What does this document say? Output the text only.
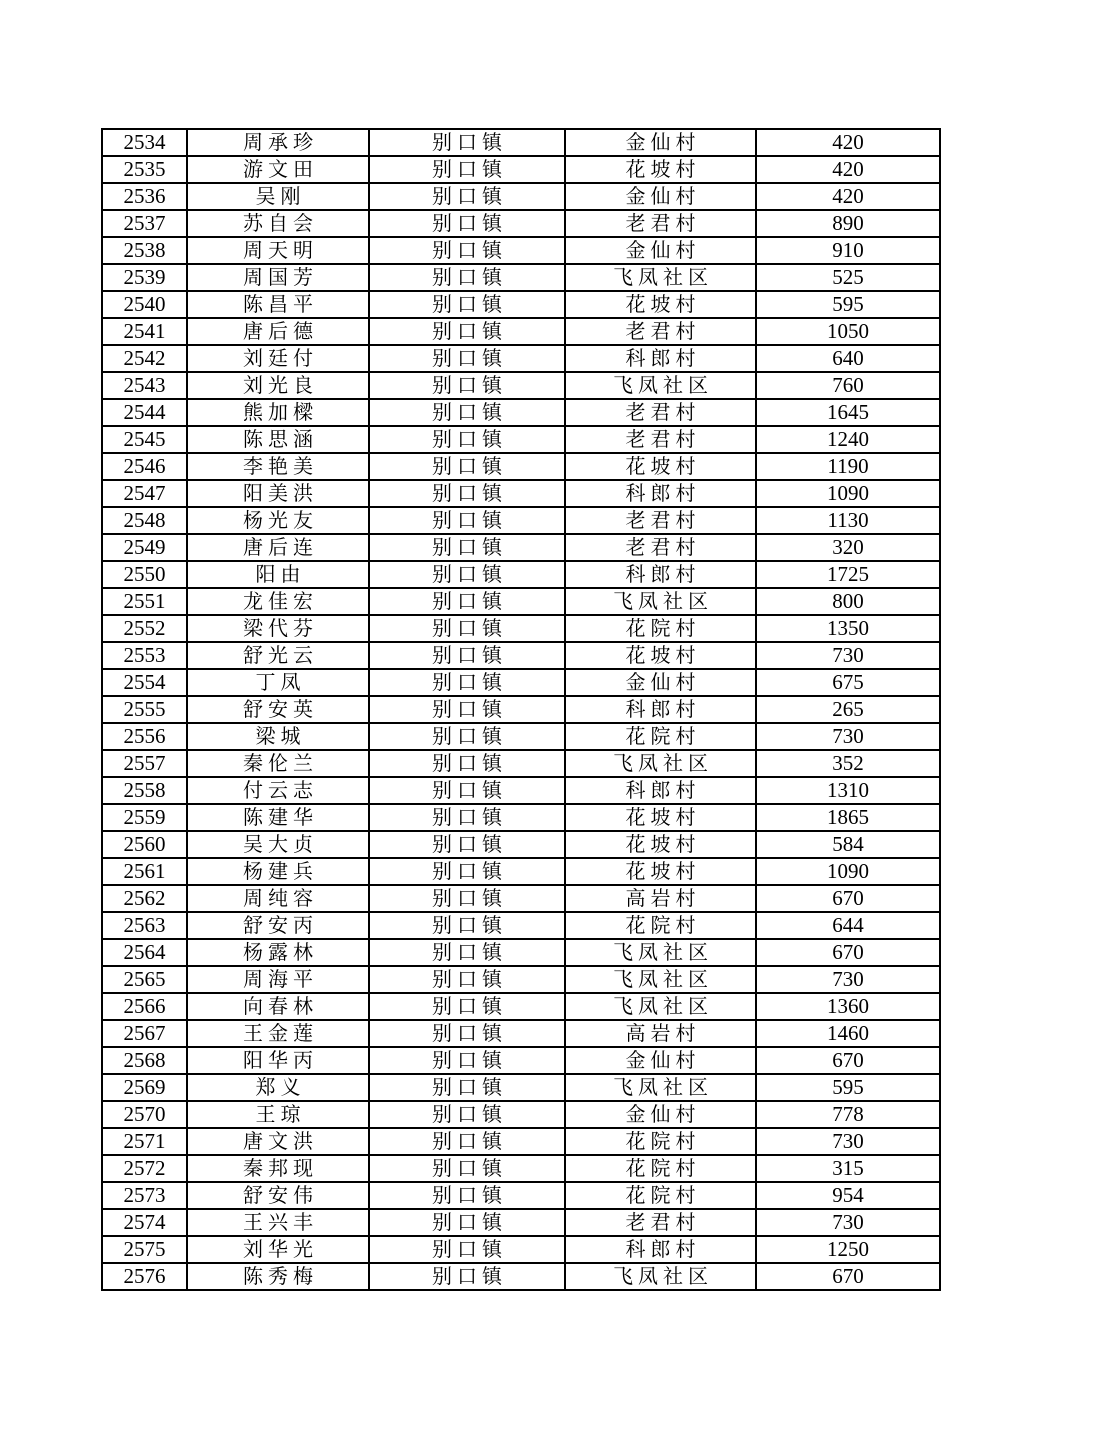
2534	周承珍	别口镇	金仙村	420
2535	游文田	别口镇	花坡村	420
2536	吴刚	别口镇	金仙村	420
2537	苏自会	别口镇	老君村	890
2538	周天明	别口镇	金仙村	910
2539	周国芳	别口镇	飞凤社区	525
2540	陈昌平	别口镇	花坡村	595
2541	唐后德	别口镇	老君村	1050
2542	刘廷付	别口镇	科郎村	640
2543	刘光良	别口镇	飞凤社区	760
2544	熊加樑	别口镇	老君村	1645
2545	陈思涵	别口镇	老君村	1240
2546	李艳美	别口镇	花坡村	1190
2547	阳美洪	别口镇	科郎村	1090
2548	杨光友	别口镇	老君村	1130
2549	唐后连	别口镇	老君村	320
2550	阳由	别口镇	科郎村	1725
2551	龙佳宏	别口镇	飞凤社区	800
2552	梁代芬	别口镇	花院村	1350
2553	舒光云	别口镇	花坡村	730
2554	丁凤	别口镇	金仙村	675
2555	舒安英	别口镇	科郎村	265
2556	梁城	别口镇	花院村	730
2557	秦伦兰	别口镇	飞凤社区	352
2558	付云志	别口镇	科郎村	1310
2559	陈建华	别口镇	花坡村	1865
2560	吴大贞	别口镇	花坡村	584
2561	杨建兵	别口镇	花坡村	1090
2562	周纯容	别口镇	高岩村	670
2563	舒安丙	别口镇	花院村	644
2564	杨露林	别口镇	飞凤社区	670
2565	周海平	别口镇	飞凤社区	730
2566	向春林	别口镇	飞凤社区	1360
2567	王金莲	别口镇	高岩村	1460
2568	阳华丙	别口镇	金仙村	670
2569	郑义	别口镇	飞凤社区	595
2570	王琼	别口镇	金仙村	778
2571	唐文洪	别口镇	花院村	730
2572	秦邦现	别口镇	花院村	315
2573	舒安伟	别口镇	花院村	954
2574	王兴丰	别口镇	老君村	730
2575	刘华光	别口镇	科郎村	1250
2576	陈秀梅	别口镇	飞凤社区	670
